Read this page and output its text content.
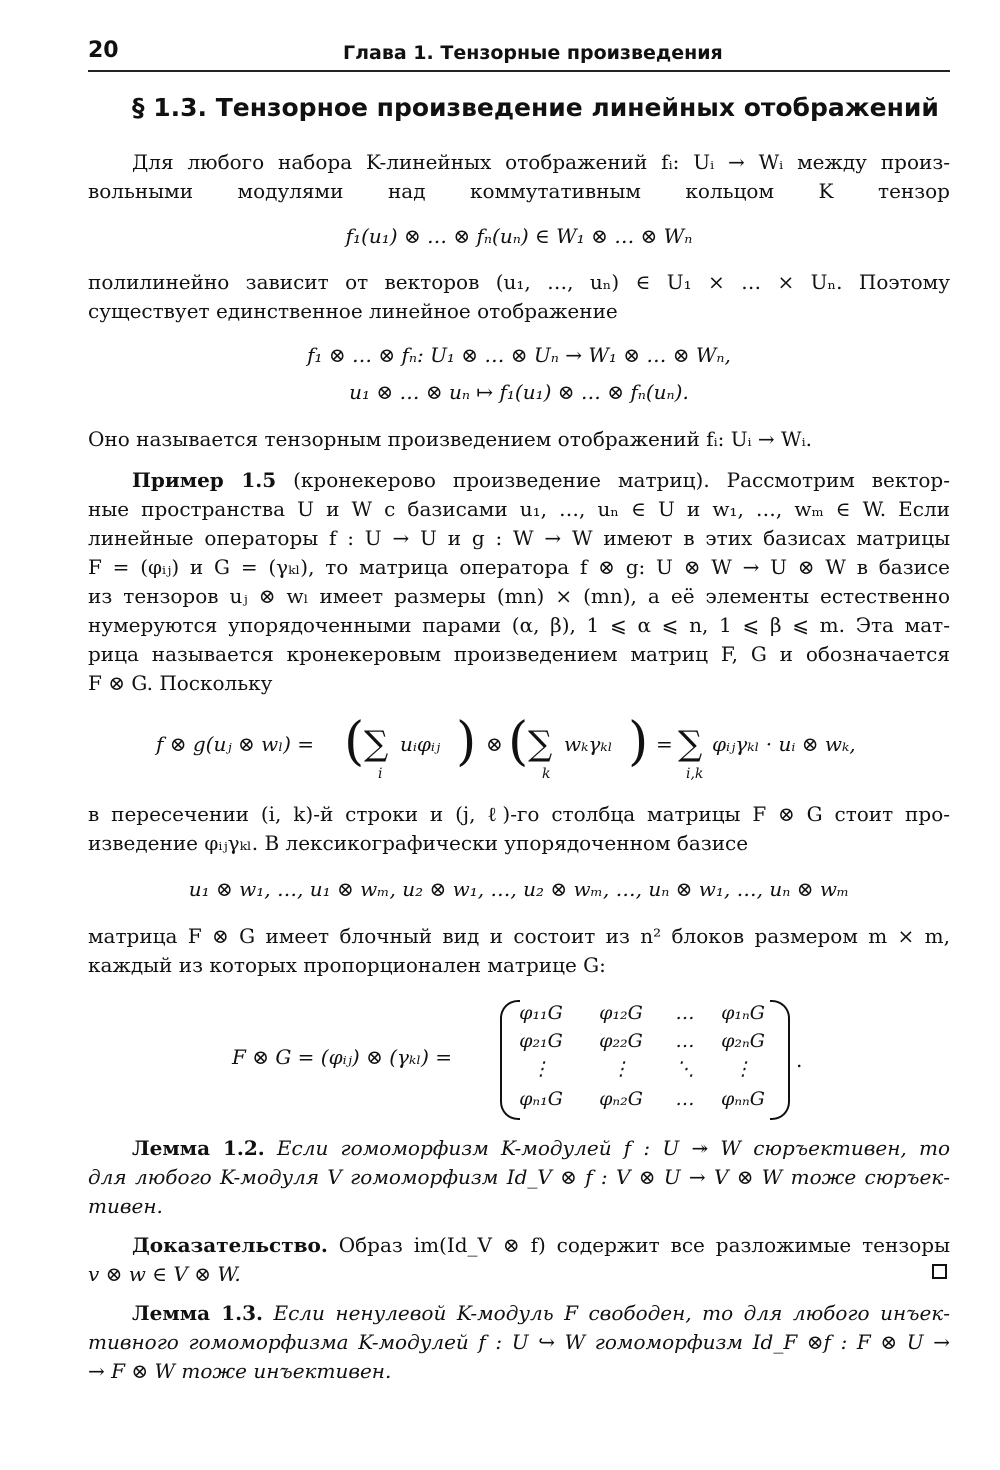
20	Глава 1. Тензорные произведения
§ 1.3. Тензорное произведение линейных отображений
Для любого набора K-линейных отображений fᵢ: Uᵢ → Wᵢ между произ-
вольными модулями над коммутативным кольцом K тензор
f₁(u₁) ⊗ … ⊗ fₙ(uₙ) ∈ W₁ ⊗ … ⊗ Wₙ
полилинейно зависит от векторов (u₁, …, uₙ) ∈ U₁ × … × Uₙ. Поэтому
существует единственное линейное отображение
f₁ ⊗ … ⊗ fₙ: U₁ ⊗ … ⊗ Uₙ → W₁ ⊗ … ⊗ Wₙ,
u₁ ⊗ … ⊗ uₙ ↦ f₁(u₁) ⊗ … ⊗ fₙ(uₙ).
Оно называется тензорным произведением отображений fᵢ: Uᵢ → Wᵢ.
Пример 1.5 (кронекерово произведение матриц). Рассмотрим вектор-
ные пространства U и W с базисами u₁, …, uₙ ∈ U и w₁, …, wₘ ∈ W. Если
линейные операторы f : U → U и g : W → W имеют в этих базисах матрицы
F = (φᵢⱼ) и G = (γₖₗ), то матрица оператора f ⊗ g: U ⊗ W → U ⊗ W в базисе
из тензоров uⱼ ⊗ wₗ имеет размеры (mn) × (mn), а её элементы естественно
нумеруются упорядоченными парами (α, β), 1 ⩽ α ⩽ n, 1 ⩽ β ⩽ m. Эта мат-
рица называется кронекеровым произведением матриц F, G и обозначается
F ⊗ G. Поскольку
f ⊗ g(uⱼ ⊗ wₗ) = ( ∑
i
uᵢφᵢⱼ ) ⊗ ( ∑
k
wₖγₖₗ ) = ∑
i,k
φᵢⱼγₖₗ · uᵢ ⊗ wₖ,
в пересечении (i, k)-й строки и (j, ℓ)-го столбца матрицы F ⊗ G стоит про-
изведение φᵢⱼγₖₗ. В лексикографически упорядоченном базисе
u₁ ⊗ w₁, …, u₁ ⊗ wₘ, u₂ ⊗ w₁, …, u₂ ⊗ wₘ, …, uₙ ⊗ w₁, …, uₙ ⊗ wₘ
матрица F ⊗ G имеет блочный вид и состоит из n² блоков размером m × m,
каждый из которых пропорционален матрице G:
F ⊗ G = (φᵢⱼ) ⊗ (γₖₗ) =
φ₁₁G	φ₁₂G	…	φ₁ₙG
φ₂₁G	φ₂₂G	…	φ₂ₙG
⋮	⋮	⋱	⋮
φₙ₁G	φₙ₂G	…	φₙₙG
.
Лемма 1.2. Если гомоморфизм K-модулей f : U ↠ W сюръективен, то
для любого K-модуля V гомоморфизм Id_V ⊗ f : V ⊗ U → V ⊗ W тоже сюръек-
тивен.
Доказательство. Образ im(Id_V ⊗ f) содержит все разложимые тензоры
v ⊗ w ∈ V ⊗ W.
Лемма 1.3. Если ненулевой K-модуль F свободен, то для любого инъек-
тивного гомоморфизма K-модулей f : U ↪ W гомоморфизм Id_F ⊗f : F ⊗ U →
→ F ⊗ W тоже инъективен.
